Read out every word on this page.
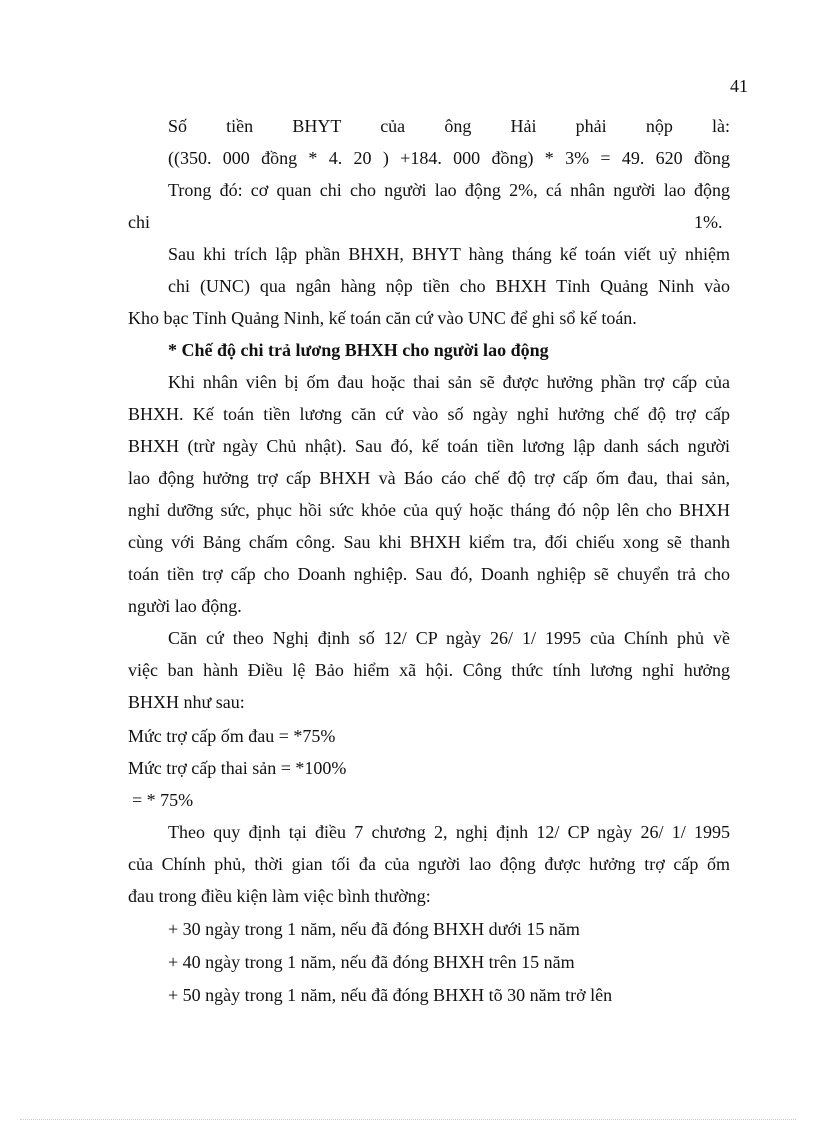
41
Số tiền BHYT của ông Hải phải nộp là:
((350. 000 đồng * 4. 20 ) +184. 000 đồng) * 3% = 49. 620 đồng
Trong đó: cơ quan chi cho người lao động 2%, cá nhân người lao động
chi	1%.
Sau khi trích lập phần BHXH, BHYT hàng tháng kế toán viết uỷ nhiệm
chi (UNC) qua ngân hàng nộp tiền cho BHXH Tỉnh Quảng Ninh vào
Kho bạc Tỉnh Quảng Ninh, kế toán căn cứ vào UNC để ghi sổ kế toán.
* Chế độ chi trả lương BHXH cho người lao động
Khi nhân viên bị ốm đau hoặc thai sản sẽ được hưởng phần trợ cấp của
BHXH. Kế toán tiền lương căn cứ vào số ngày nghỉ hưởng chế độ trợ cấp
BHXH (trừ ngày Chủ nhật). Sau đó, kế toán tiền lương lập danh sách người
lao động hưởng trợ cấp BHXH và Báo cáo chế độ trợ cấp ốm đau, thai sản,
nghỉ dưỡng sức, phục hồi sức khỏe của quý hoặc tháng đó nộp lên cho BHXH
cùng với Bảng chấm công. Sau khi BHXH kiểm tra, đối chiếu xong sẽ thanh
toán tiền trợ cấp cho Doanh nghiệp. Sau đó, Doanh nghiệp sẽ chuyển trả cho
người lao động.
Căn cứ theo Nghị định số 12/ CP ngày 26/ 1/ 1995 của Chính phủ về
việc ban hành Điều lệ Bảo hiểm xã hội. Công thức tính lương nghỉ hưởng
BHXH như sau:
Mức trợ cấp ốm đau = *75%
Mức trợ cấp thai sản = *100%
= * 75%
Theo quy định tại điều 7 chương 2, nghị định 12/ CP ngày 26/ 1/ 1995
của Chính phủ, thời gian tối đa của người lao động được hưởng trợ cấp ốm
đau trong điều kiện làm việc bình thường:
+ 30 ngày trong 1 năm, nếu đã đóng BHXH dưới 15 năm
+ 40 ngày trong 1 năm, nếu đã đóng BHXH trên 15 năm
+ 50 ngày trong 1 năm, nếu đã đóng BHXH tõ 30 năm trở lên
